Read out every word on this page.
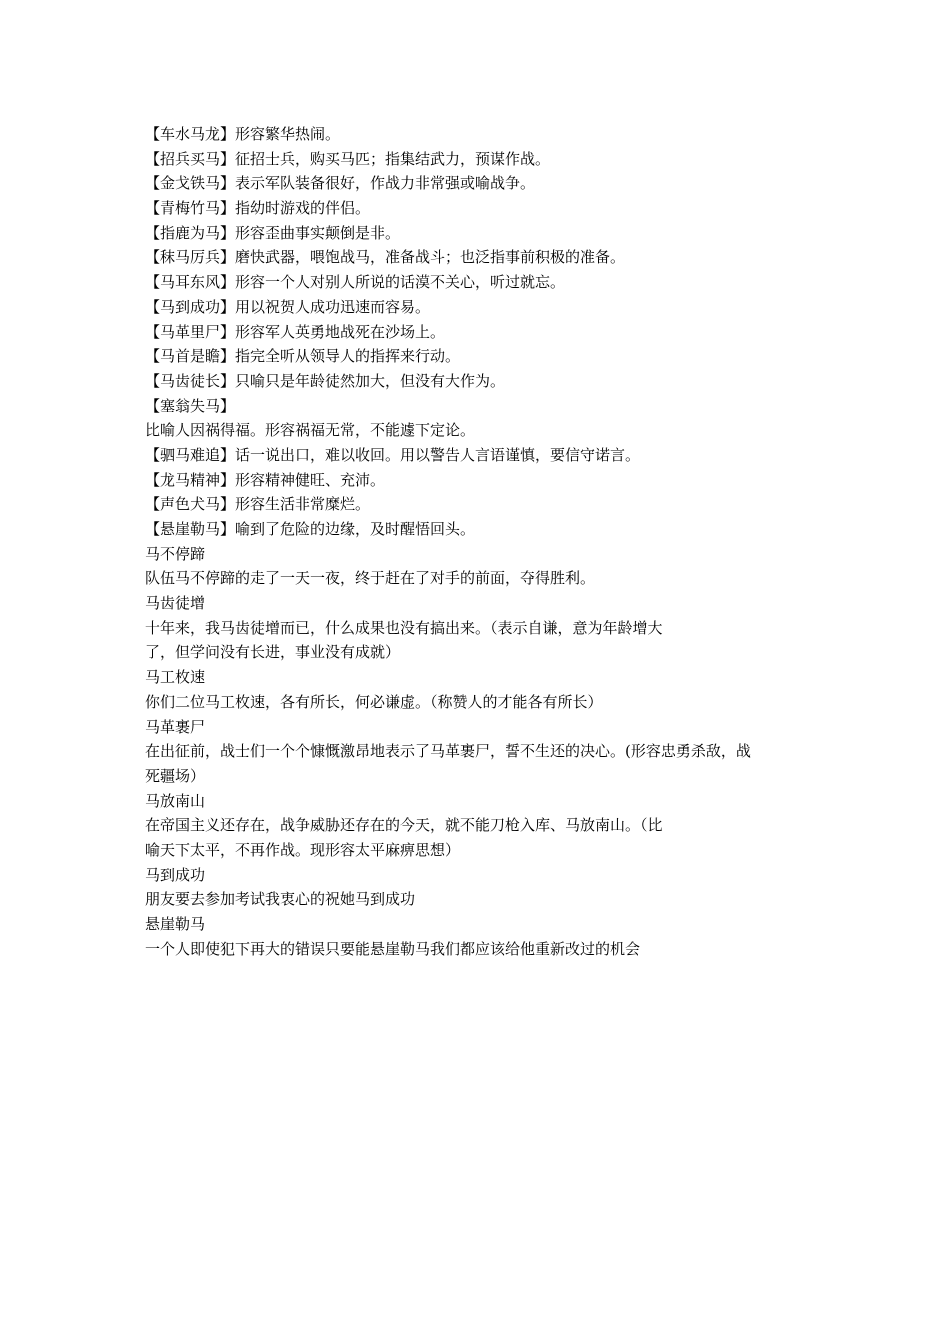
【车水马龙】形容繁华热闹。

【招兵买马】征招士兵，购买马匹；指集结武力，预谋作战。

【金戈铁马】表示军队装备很好，作战力非常强或喻战争。

【青梅竹马】指幼时游戏的伴侣。

【指鹿为马】形容歪曲事实颠倒是非。

【秣马厉兵】磨快武器，喂饱战马，准备战斗；也泛指事前积极的准备。

【马耳东风】形容一个人对别人所说的话漠不关心，听过就忘。

【马到成功】用以祝贺人成功迅速而容易。

【马革里尸】形容军人英勇地战死在沙场上。

【马首是瞻】指完全听从领导人的指挥来行动。

【马齿徒长】只喻只是年龄徒然加大，但没有大作为。

【塞翁失马】

比喻人因祸得福。形容祸福无常，不能遽下定论。

【驷马难追】话一说出口，难以收回。用以警告人言语谨慎，要信守诺言。

【龙马精神】形容精神健旺、充沛。

【声色犬马】形容生活非常糜烂。

【悬崖勒马】喻到了危险的边缘，及时醒悟回头。

马不停蹄

队伍马不停蹄的走了一天一夜，终于赶在了对手的前面，夺得胜利。

马齿徒增

十年来，我马齿徒增而已，什么成果也没有搞出来。（表示自谦，意为年龄增大

了，但学问没有长进，事业没有成就）

马工枚速

你们二位马工枚速，各有所长，何必谦虚。（称赞人的才能各有所长）

马革裹尸

在出征前，战士们一个个慷慨激昂地表示了马革裹尸，誓不生还的决心。(形容忠勇杀敌，战

死疆场）

马放南山

在帝国主义还存在，战争威胁还存在的今天，就不能刀枪入库、马放南山。（比

喻天下太平，不再作战。现形容太平麻痹思想）

马到成功

朋友要去参加考试我衷心的祝她马到成功

悬崖勒马

一个人即使犯下再大的错误只要能悬崖勒马我们都应该给他重新改过的机会
